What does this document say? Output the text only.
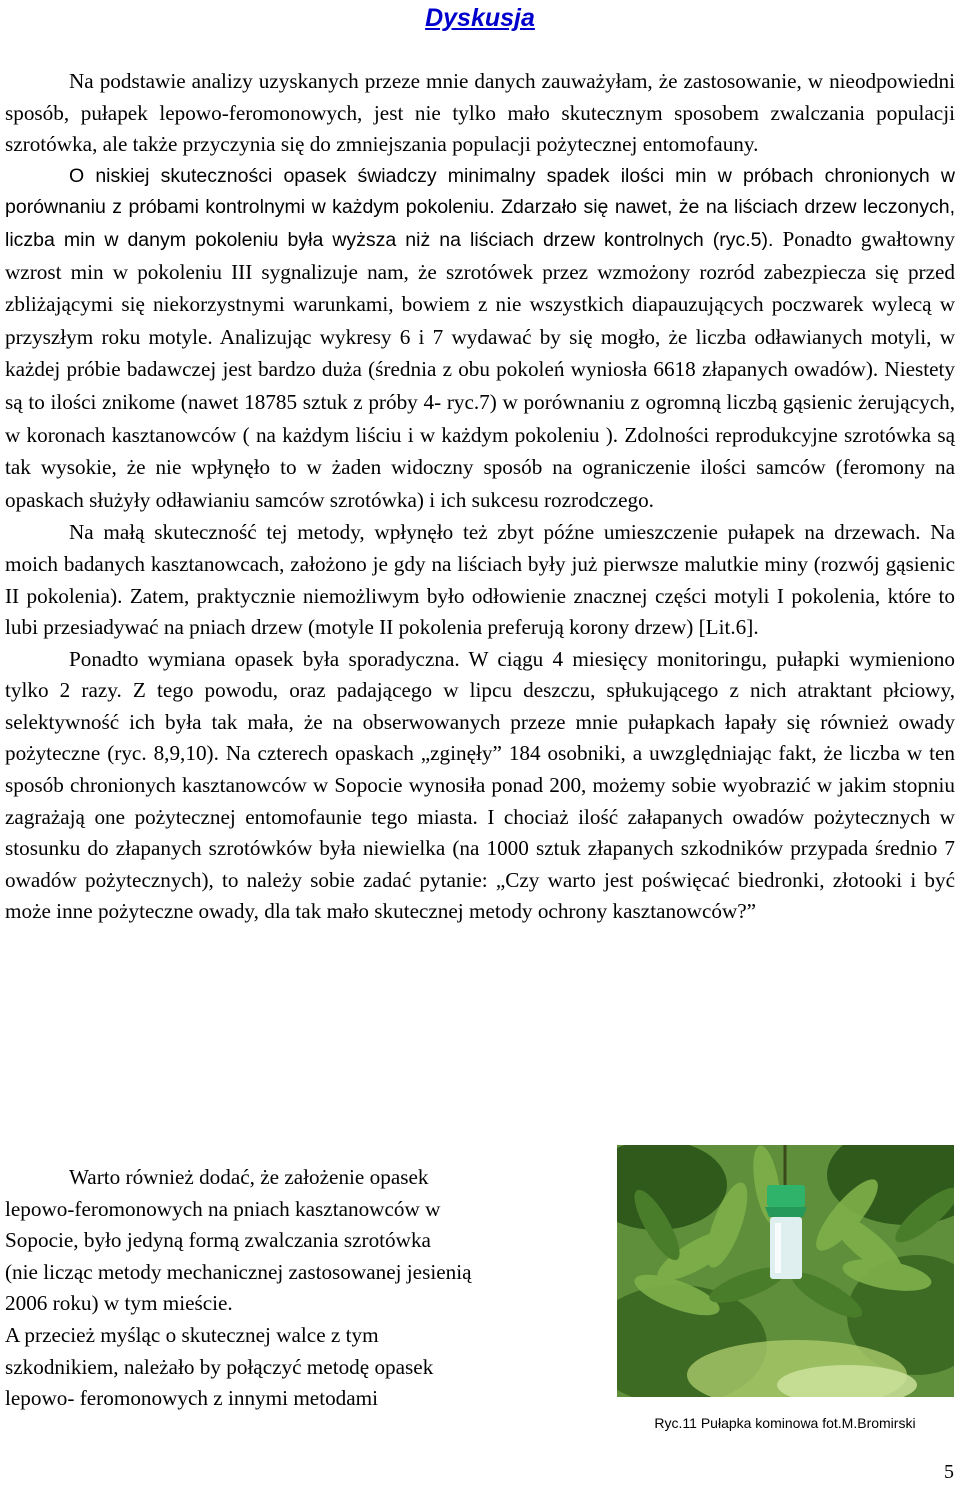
Dyskusja

Na podstawie analizy uzyskanych przeze mnie danych zauważyłam, że zastosowanie, w nieodpowiedni sposób, pułapek lepowo-feromonowych, jest nie tylko mało skutecznym sposobem zwalczania populacji szrotówka, ale także przyczynia się do zmniejszania populacji pożytecznej entomofauny.

O niskiej skuteczności opasek świadczy minimalny spadek ilości min w próbach chronionych w porównaniu z próbami kontrolnymi w każdym pokoleniu. Zdarzało się nawet, że na liściach drzew leczonych, liczba min w danym pokoleniu była wyższa niż na liściach drzew kontrolnych (ryc.5). Ponadto gwałtowny wzrost min w pokoleniu III sygnalizuje nam, że szrotówek przez wzmożony rozród zabezpiecza się przed zbliżającymi się niekorzystnymi warunkami, bowiem z nie wszystkich diapauzujących poczwarek wylecą w przyszłym roku motyle. Analizując wykresy 6 i 7 wydawać by się mogło, że liczba odławianych motyli, w każdej próbie badawczej jest bardzo duża (średnia z obu pokoleń wyniosła 6618 złapanych owadów). Niestety są to ilości znikome (nawet 18785 sztuk z próby 4- ryc.7) w porównaniu z ogromną liczbą gąsienic żerujących, w koronach kasztanowców ( na każdym liściu i w każdym pokoleniu ). Zdolności reprodukcyjne szrotówka są tak wysokie, że nie wpłynęło to w żaden widoczny sposób na ograniczenie ilości samców (feromony na opaskach służyły odławianiu samców szrotówka) i ich sukcesu rozrodczego.

Na małą skuteczność tej metody, wpłynęło też zbyt późne umieszczenie pułapek na drzewach. Na moich badanych kasztanowcach, założono je gdy na liściach były już pierwsze malutkie miny (rozwój gąsienic II pokolenia). Zatem, praktycznie niemożliwym było odłowienie znacznej części motyli I pokolenia, które to lubi przesiadywać na pniach drzew (motyle II pokolenia preferują korony drzew) [Lit.6].

Ponadto wymiana opasek była sporadyczna. W ciągu 4 miesięcy monitoringu, pułapki wymieniono tylko 2 razy. Z tego powodu, oraz padającego w lipcu deszczu, spłukującego z nich atraktant płciowy, selektywność ich była tak mała, że na obserwowanych przeze mnie pułapkach łapały się również owady pożyteczne (ryc. 8,9,10). Na czterech opaskach „zginęły” 184 osobniki, a uwzględniając fakt, że liczba w ten sposób chronionych kasztanowców w Sopocie wynosiła ponad 200, możemy sobie wyobrazić w jakim stopniu zagrażają one pożytecznej entomofaunie tego miasta. I chociaż ilość załapanych owadów pożytecznych w stosunku do złapanych szrotówków była niewielka (na 1000 sztuk złapanych szkodników przypada średnio 7 owadów pożytecznych), to należy sobie zadać pytanie: „Czy warto jest poświęcać biedronki, złotooki i być może inne pożyteczne owady, dla tak mało skutecznej metody ochrony kasztanowców?”

Warto również dodać, że założenie opasek
lepowo-feromonowych na pniach kasztanowców w
Sopocie, było jedyną formą zwalczania szrotówka
(nie licząc metody mechanicznej zastosowanej jesienią
2006 roku) w tym mieście.

A przecież myśląc o skutecznej walce z tym
szkodnikiem, należało by połączyć metodę opasek
lepowo- feromonowych z innymi metodami

Ryc.11 Pułapka kominowa fot.M.Bromirski
5
